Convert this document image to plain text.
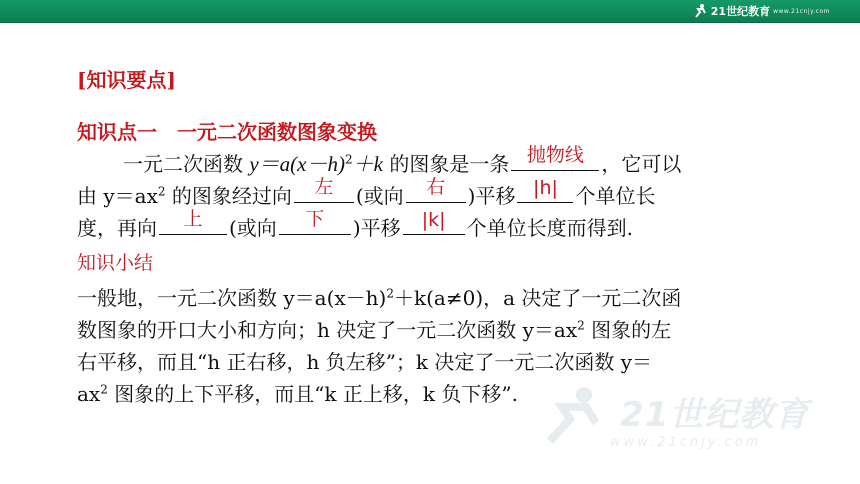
21世纪教育 www.21cnjy.com
21世纪教育
www.21cnjy.com
[知识要点]
知识点一　一元二次函数图象变换
一元二次函数 $y=a(x-h)^2+k$ 的图象是一条 抛物线 ，它可以
由 $y=ax^2$ 的图象经过向	左	(或向	右	)平移 |h| 个单位长
度，再向	上	(或向	下	)平移	|k|	个单位长度而得到.
知识小结
一般地，一元二次函数 $y=a(x-h)^2+k(a\ne 0)$，a 决定了一元二次函
数图象的开口大小和方向；h 决定了一元二次函数 $y=ax^2$ 图象的左
右平移，而且“h 正右移，h 负左移”；k 决定了一元二次函数 y＝
$ax^2$ 图象的上下平移，而且“k 正上移，k 负下移”.
